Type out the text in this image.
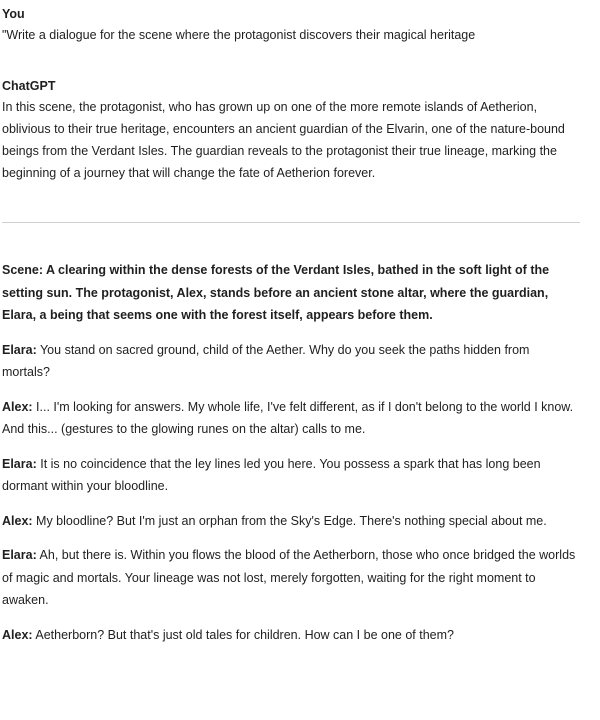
You

"Write a dialogue for the scene where the protagonist discovers their magical heritage

ChatGPT

In this scene, the protagonist, who has grown up on one of the more remote islands of Aetherion, oblivious to their true heritage, encounters an ancient guardian of the Elvarin, one of the nature-bound beings from the Verdant Isles. The guardian reveals to the protagonist their true lineage, marking the beginning of a journey that will change the fate of Aetherion forever.

Scene: A clearing within the dense forests of the Verdant Isles, bathed in the soft light of the setting sun. The protagonist, Alex, stands before an ancient stone altar, where the guardian, Elara, a being that seems one with the forest itself, appears before them.

Elara: You stand on sacred ground, child of the Aether. Why do you seek the paths hidden from mortals?

Alex: I... I'm looking for answers. My whole life, I've felt different, as if I don't belong to the world I know. And this... (gestures to the glowing runes on the altar) calls to me.

Elara: It is no coincidence that the ley lines led you here. You possess a spark that has long been dormant within your bloodline.

Alex: My bloodline? But I'm just an orphan from the Sky's Edge. There's nothing special about me.

Elara: Ah, but there is. Within you flows the blood of the Aetherborn, those who once bridged the worlds of magic and mortals. Your lineage was not lost, merely forgotten, waiting for the right moment to awaken.

Alex: Aetherborn? But that's just old tales for children. How can I be one of them?
